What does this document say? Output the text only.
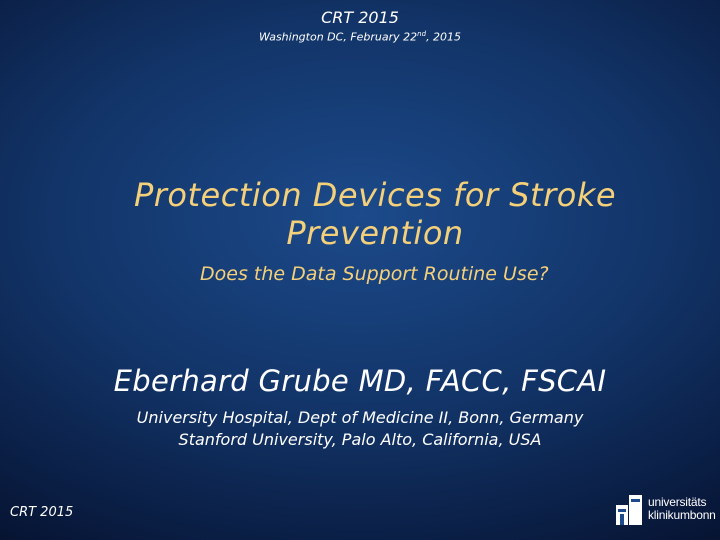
CRT 2015
Washington DC, February 22nd, 2015
Protection Devices for Stroke
Prevention
Does the Data Support Routine Use?
Eberhard Grube MD, FACC, FSCAI
University Hospital, Dept of Medicine II, Bonn, Germany
Stanford University, Palo Alto, California, USA
CRT 2015
universitäts
klinikumbonn
